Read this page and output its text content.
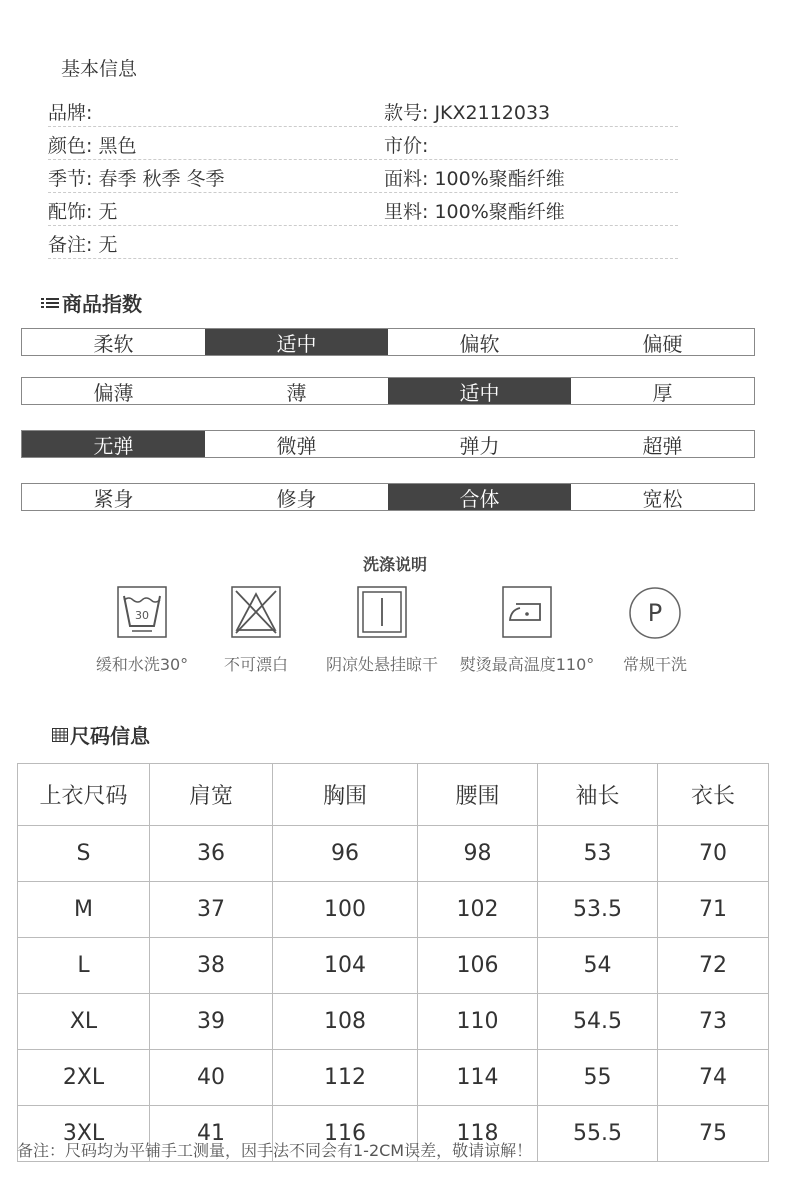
基本信息
品牌:	款号: JKX2112033
颜色: 黑色	市价:
季节: 春季 秋季 冬季	面料: 100%聚酯纤维
配饰: 无	里料: 100%聚酯纤维
备注: 无
商品指数
柔软	适中	偏软	偏硬
偏薄	薄	适中	厚
无弹	微弹	弹力	超弹
紧身	修身	合体	宽松
洗涤说明
30
缓和水洗30°	不可漂白	阴凉处悬挂晾干	熨烫最高温度110°
P
常规干洗
尺码信息
上衣尺码	肩宽	胸围	腰围	袖长	衣长
S	36	96	98	53	70
M	37	100	102	53.5	71
L	38	104	106	54	72
XL	39	108	110	54.5	73
2XL	40	112	114	55	74
3XL	41	116	118	55.5	75
备注：尺码均为平铺手工测量，因手法不同会有1-2CM误差，敬请谅解！
